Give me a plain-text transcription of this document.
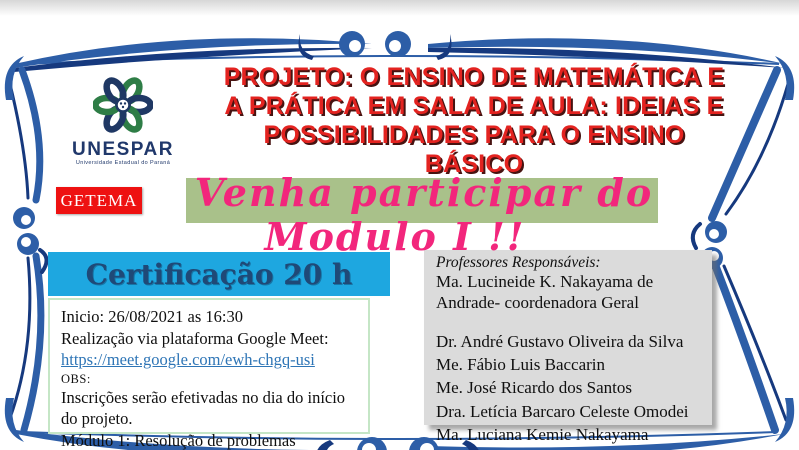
UNESPAR
Universidade Estadual do Paraná
PROJETO: O ENSINO DE MATEMÁTICA E
A PRÁTICA EM SALA DE AULA: IDEIAS E
POSSIBILIDADES PARA O ENSINO
BÁSICO
GETEMA	Venha participar do
Modulo I !!
Certificação 20 h
Inicio: 26/08/2021 as 16:30
Realização via plataforma Google Meet:
https://meet.google.com/ewh-chgq-usi
OBS:
Inscrições serão efetivadas no dia do início do projeto.
Módulo 1: Resolução de problemas
Professores Responsáveis:
Ma. Lucineide K. Nakayama de Andrade- coordenadora Geral
Dr. André Gustavo Oliveira da Silva
Me. Fábio Luis Baccarin
Me. José Ricardo dos Santos
Dra. Letícia Barcaro Celeste Omodei
Ma. Luciana Kemie Nakayama
